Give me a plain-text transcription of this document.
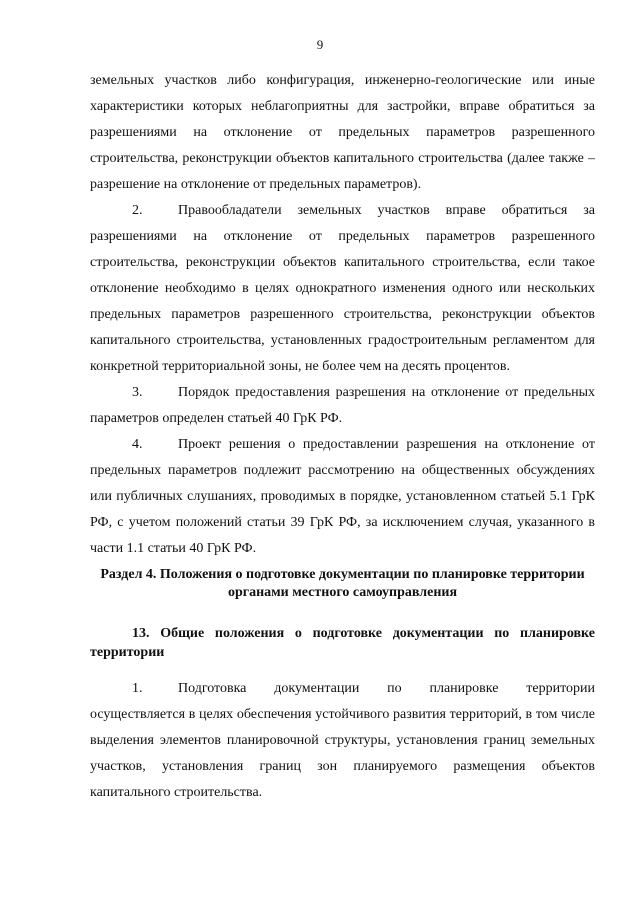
9

земельных участков либо конфигурация, инженерно-геологические или иные характеристики которых неблагоприятны для застройки, вправе обратиться за разрешениями на отклонение от предельных параметров разрешенного строительства, реконструкции объектов капитального строительства (далее также – разрешение на отклонение от предельных параметров).

2.	Правообладатели земельных участков вправе обратиться за разрешениями на отклонение от предельных параметров разрешенного строительства, реконструкции объектов капитального строительства, если такое отклонение необходимо в целях однократного изменения одного или нескольких предельных параметров разрешенного строительства, реконструкции объектов капитального строительства, установленных градостроительным регламентом для конкретной территориальной зоны, не более чем на десять процентов.

3.	Порядок предоставления разрешения на отклонение от предельных параметров определен статьей 40 ГрК РФ.

4.	Проект решения о предоставлении разрешения на отклонение от предельных параметров подлежит рассмотрению на общественных обсуждениях или публичных слушаниях, проводимых в порядке, установленном статьей 5.1 ГрК РФ, с учетом положений статьи 39 ГрК РФ, за исключением случая, указанного в части 1.1 статьи 40 ГрК РФ.

Раздел 4. Положения о подготовке документации по планировке территории органами местного самоуправления
13. Общие положения о подготовке документации по планировке территории

1.	Подготовка документации по планировке территории осуществляется в целях обеспечения устойчивого развития территорий, в том числе выделения элементов планировочной структуры, установления границ земельных участков, установления границ зон планируемого размещения объектов капитального строительства.
